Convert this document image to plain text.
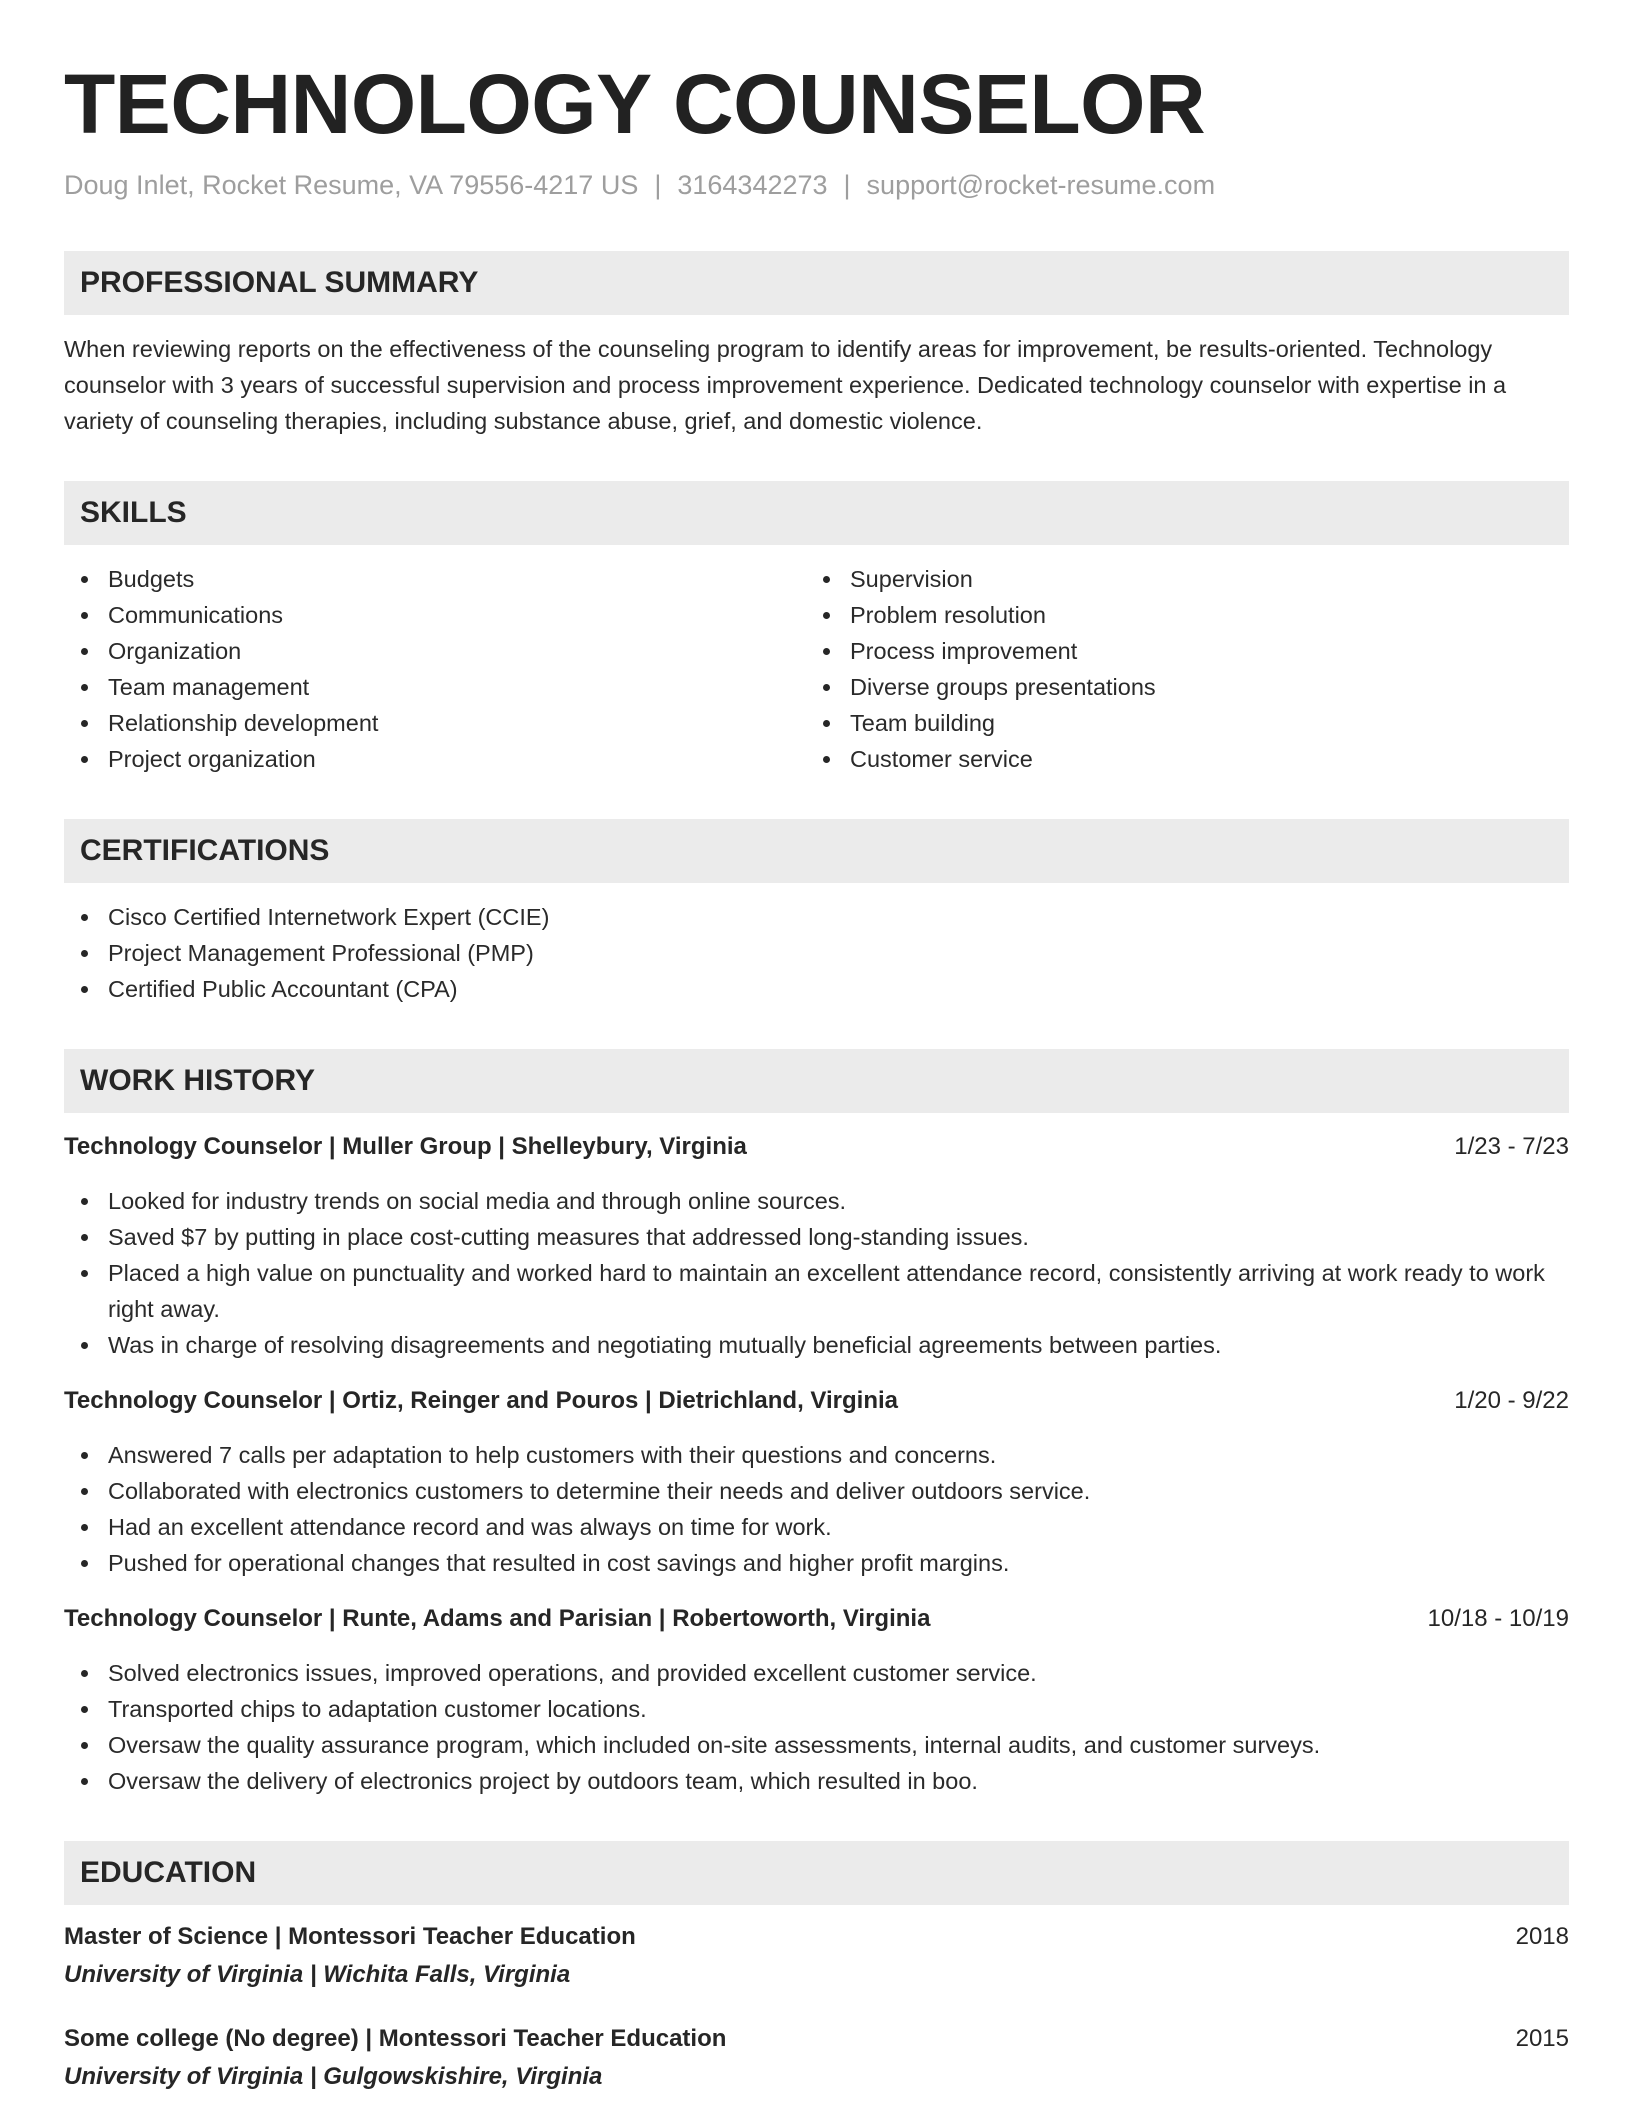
TECHNOLOGY COUNSELOR
Doug Inlet, Rocket Resume, VA 79556-4217 US | 3164342273 | support@rocket-resume.com
PROFESSIONAL SUMMARY
When reviewing reports on the effectiveness of the counseling program to identify areas for improvement, be results-oriented. Technology counselor with 3 years of successful supervision and process improvement experience. Dedicated technology counselor with expertise in a variety of counseling therapies, including substance abuse, grief, and domestic violence.
SKILLS
Budgets
Communications
Organization
Team management
Relationship development
Project organization
Supervision
Problem resolution
Process improvement
Diverse groups presentations
Team building
Customer service
CERTIFICATIONS
Cisco Certified Internetwork Expert (CCIE)
Project Management Professional (PMP)
Certified Public Accountant (CPA)
WORK HISTORY
Technology Counselor | Muller Group | Shelleybury, Virginia	1/23 - 7/23
Looked for industry trends on social media and through online sources.
Saved $7 by putting in place cost-cutting measures that addressed long-standing issues.
Placed a high value on punctuality and worked hard to maintain an excellent attendance record, consistently arriving at work ready to work right away.
Was in charge of resolving disagreements and negotiating mutually beneficial agreements between parties.
Technology Counselor | Ortiz, Reinger and Pouros | Dietrichland, Virginia	1/20 - 9/22
Answered 7 calls per adaptation to help customers with their questions and concerns.
Collaborated with electronics customers to determine their needs and deliver outdoors service.
Had an excellent attendance record and was always on time for work.
Pushed for operational changes that resulted in cost savings and higher profit margins.
Technology Counselor | Runte, Adams and Parisian | Robertoworth, Virginia	10/18 - 10/19
Solved electronics issues, improved operations, and provided excellent customer service.
Transported chips to adaptation customer locations.
Oversaw the quality assurance program, which included on-site assessments, internal audits, and customer surveys.
Oversaw the delivery of electronics project by outdoors team, which resulted in boo.
EDUCATION
Master of Science | Montessori Teacher Education	2018
University of Virginia | Wichita Falls, Virginia
Some college (No degree) | Montessori Teacher Education	2015
University of Virginia | Gulgowskishire, Virginia
